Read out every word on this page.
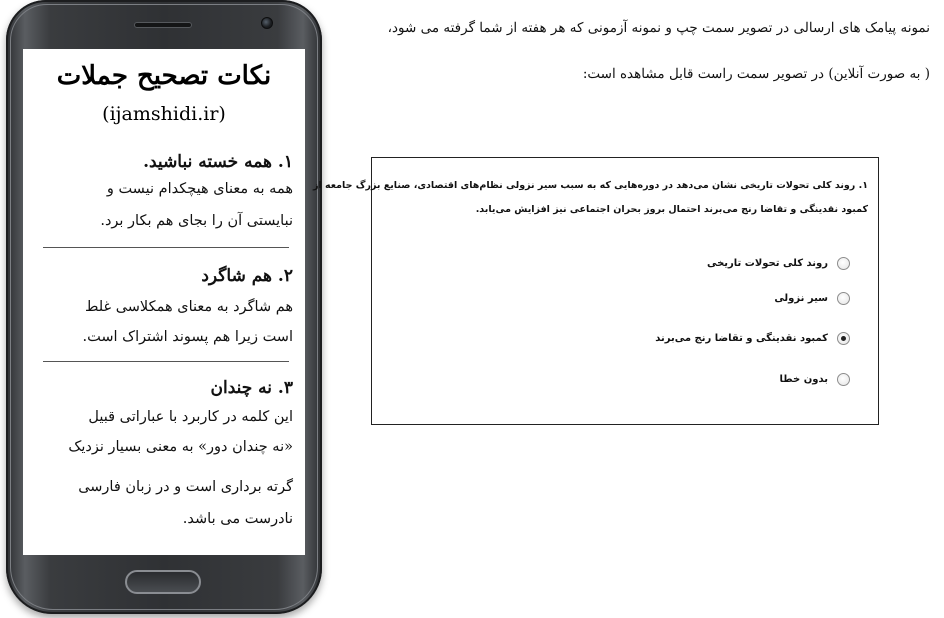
نمونه پیامک های ارسالی در تصویر سمت چپ و نمونه آزمونی که هر هفته از شما گرفته می شود،
( به صورت آنلاین) در تصویر سمت راست قابل مشاهده است:
نکات تصحیح جملات
(ijamshidi.ir)
۱. همه خسته نباشید.
همه به معنای هیچکدام نیست و
نبایستی آن را بجای هم بکار برد.
۲. هم شاگرد
هم شاگرد به معنای همکلاسی غلط
است زیرا هم پسوند اشتراک است.
۳. نه چندان
این کلمه در کاربرد با عباراتی قبیل
«نه چندان دور» به معنی بسیار نزدیک
گرته برداری است و در زبان فارسی
نادرست می باشد.
۱. روند کلی تحولات تاریخی نشان می‌دهد در دوره‌هایی که به سبب سیر نزولی نظام‌های اقتصادی، صنایع بزرگ جامعه از
کمبود نقدینگی و تقاضا رنج می‌برند احتمال بروز بحران اجتماعی نیز افزایش می‌یابد.
روند کلی تحولات تاریخی
سیر نزولی
کمبود نقدینگی و تقاضا رنج می‌برند
بدون خطا
